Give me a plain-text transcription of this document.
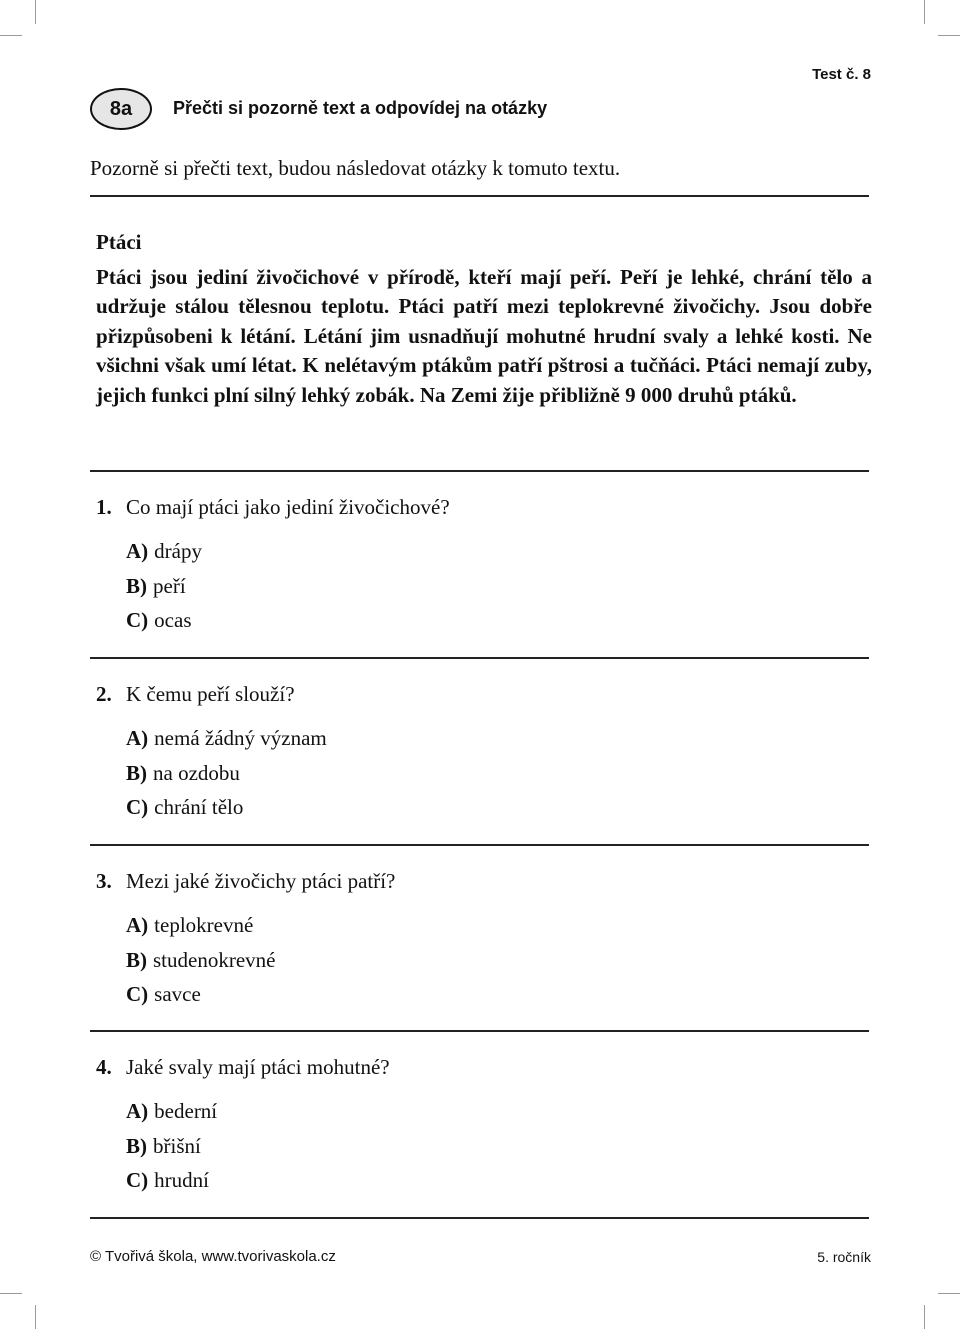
Test č. 8
8a	Přečti si pozorně text a odpovídej na otázky
Pozorně si přečti text, budou následovat otázky k tomuto textu.
Ptáci
Ptáci jsou jediní živočichové v přírodě, kteří mají peří. Peří je lehké, chrání tělo a udržuje stálou tělesnou teplotu. Ptáci patří mezi teplokrevné živočichy. Jsou dobře přizpůsobeni k létání. Létání jim usnadňují mohutné hrudní svaly a lehké kosti. Ne všichni však umí létat. K nelétavým ptákům patří pštrosi a tučňáci. Ptáci nemají zuby, jejich funkci plní silný lehký zobák. Na Zemi žije přibližně 9 000 druhů ptáků.
1. Co mají ptáci jako jediní živočichové?
A) drápy
B) peří
C) ocas
2. K čemu peří slouží?
A) nemá žádný význam
B) na ozdobu
C) chrání tělo
3. Mezi jaké živočichy ptáci patří?
A) teplokrevné
B) studenokrevné
C) savce
4. Jaké svaly mají ptáci mohutné?
A) bederní
B) břišní
C) hrudní
© Tvořivá škola, www.tvorivaskola.cz	5. ročník
